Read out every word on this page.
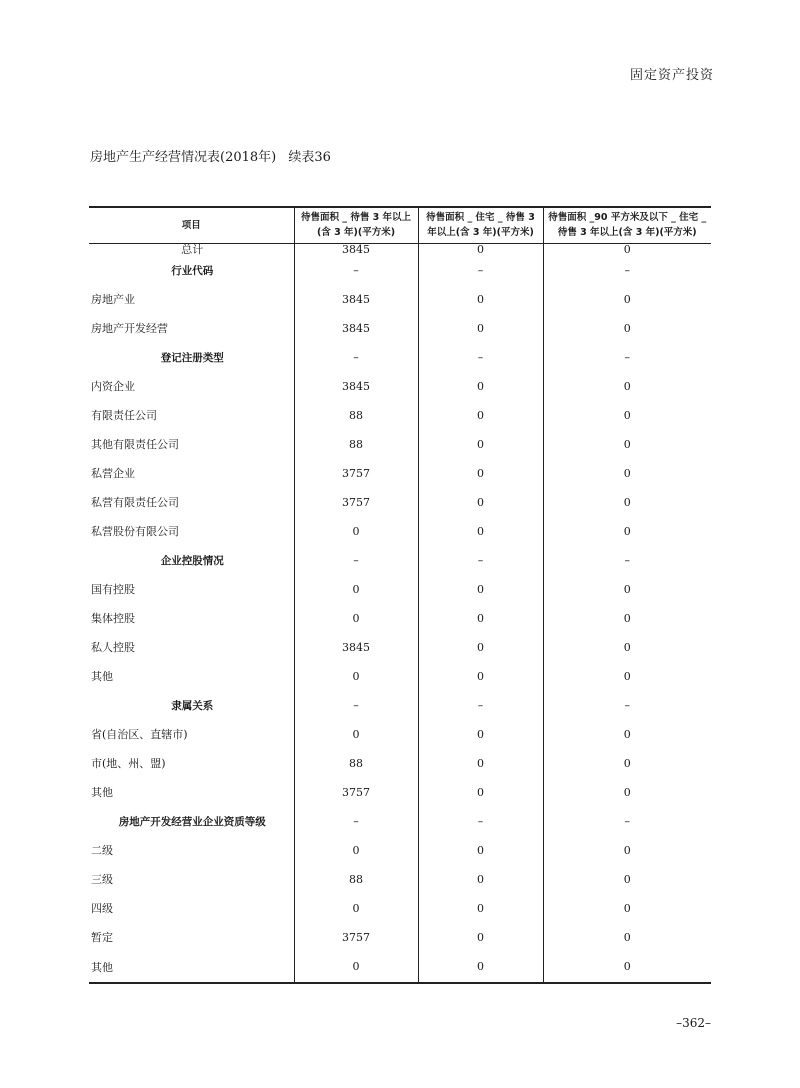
固定资产投资
房地产生产经营情况表(2018年) 续表36
项目	待售面积 _ 待售 3 年以上(含 3 年)(平方米)	待售面积 _ 住宅 _ 待售 3 年以上(含 3 年)(平方米)	待售面积 _90 平方米及以下 _ 住宅 _ 待售 3 年以上(含 3 年)(平方米)
总计	3845	0	0
行业代码	–	–	–
房地产业	3845	0	0
房地产开发经营	3845	0	0
登记注册类型	–	–	–
内资企业	3845	0	0
有限责任公司	88	0	0
其他有限责任公司	88	0	0
私营企业	3757	0	0
私营有限责任公司	3757	0	0
私营股份有限公司	0	0	0
企业控股情况	–	–	–
国有控股	0	0	0
集体控股	0	0	0
私人控股	3845	0	0
其他	0	0	0
隶属关系	–	–	–
省(自治区、直辖市)	0	0	0
市(地、州、盟)	88	0	0
其他	3757	0	0
房地产开发经营业企业资质等级	–	–	–
二级	0	0	0
三级	88	0	0
四级	0	0	0
暂定	3757	0	0
其他	0	0	0
–362–
